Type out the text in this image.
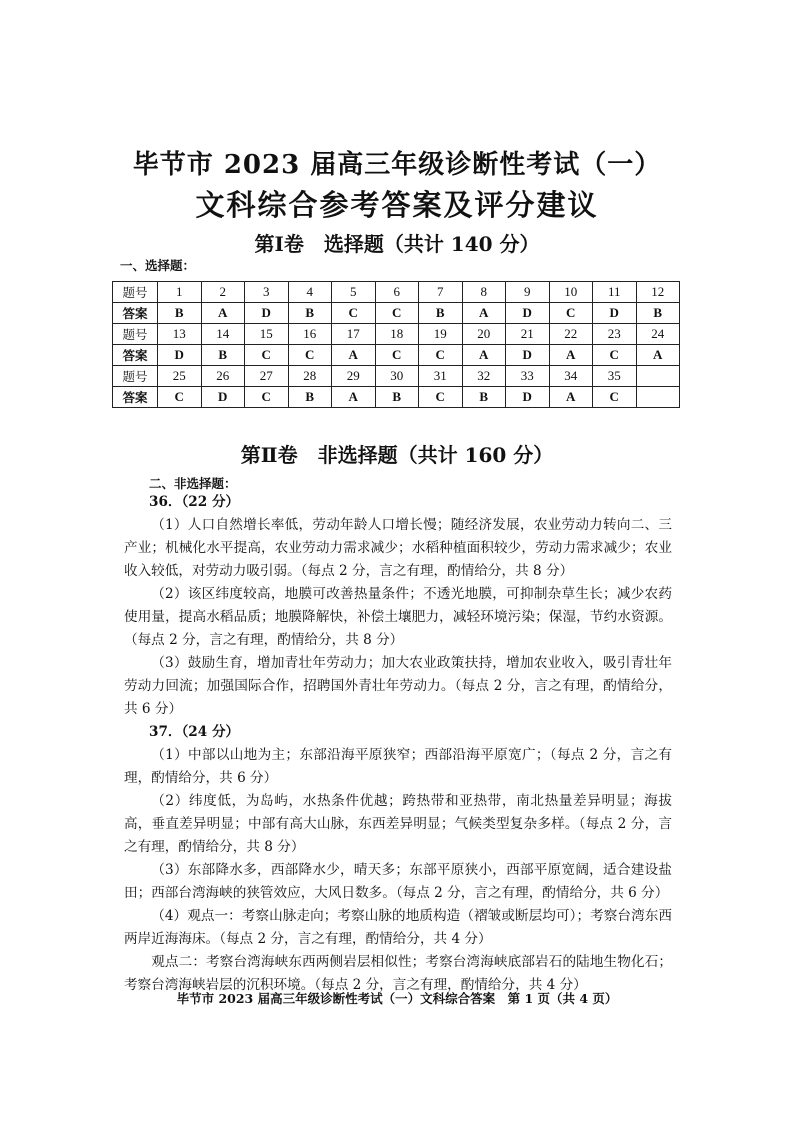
毕节市 2023 届高三年级诊断性考试（一）
文科综合参考答案及评分建议
第Ⅰ卷　选择题（共计 140 分）
一、选择题：
题号	1	2	3	4	5	6	7	8	9	10	11	12
答案	B	A	D	B	C	C	B	A	D	C	D	B
题号	13	14	15	16	17	18	19	20	21	22	23	24
答案	D	B	C	C	A	C	C	A	D	A	C	A
题号	25	26	27	28	29	30	31	32	33	34	35	
答案	C	D	C	B	A	B	C	B	D	A	C	
第Ⅱ卷　非选择题（共计 160 分）
二、非选择题：
36．（22 分）

（1）人口自然增长率低，劳动年龄人口增长慢；随经济发展，农业劳动力转向二、三产业；机械化水平提高，农业劳动力需求减少；水稻种植面积较少，劳动力需求减少；农业收入较低，对劳动力吸引弱。（每点 2 分，言之有理，酌情给分，共 8 分）

（2）该区纬度较高，地膜可改善热量条件；不透光地膜，可抑制杂草生长；减少农药使用量，提高水稻品质；地膜降解快，补偿土壤肥力，减轻环境污染；保湿，节约水资源。（每点 2 分，言之有理，酌情给分，共 8 分）

（3）鼓励生育，增加青壮年劳动力；加大农业政策扶持，增加农业收入，吸引青壮年劳动力回流；加强国际合作，招聘国外青壮年劳动力。（每点 2 分，言之有理，酌情给分，共 6 分）

37．（24 分）

（1）中部以山地为主；东部沿海平原狭窄；西部沿海平原宽广；（每点 2 分，言之有理，酌情给分，共 6 分）

（2）纬度低，为岛屿，水热条件优越；跨热带和亚热带，南北热量差异明显；海拔高，垂直差异明显；中部有高大山脉，东西差异明显；气候类型复杂多样。（每点 2 分，言之有理，酌情给分，共 8 分）

（3）东部降水多，西部降水少，晴天多；东部平原狭小，西部平原宽阔，适合建设盐田；西部台湾海峡的狭管效应，大风日数多。（每点 2 分，言之有理，酌情给分，共 6 分）

（4）观点一：考察山脉走向；考察山脉的地质构造（褶皱或断层均可）；考察台湾东西两岸近海海床。（每点 2 分，言之有理，酌情给分，共 4 分）

观点二：考察台湾海峡东西两侧岩层相似性；考察台湾海峡底部岩石的陆地生物化石；考察台湾海峡岩层的沉积环境。（每点 2 分，言之有理，酌情给分，共 4 分）

毕节市 2023 届高三年级诊断性考试（一）文科综合答案　第 1 页（共 4 页）
